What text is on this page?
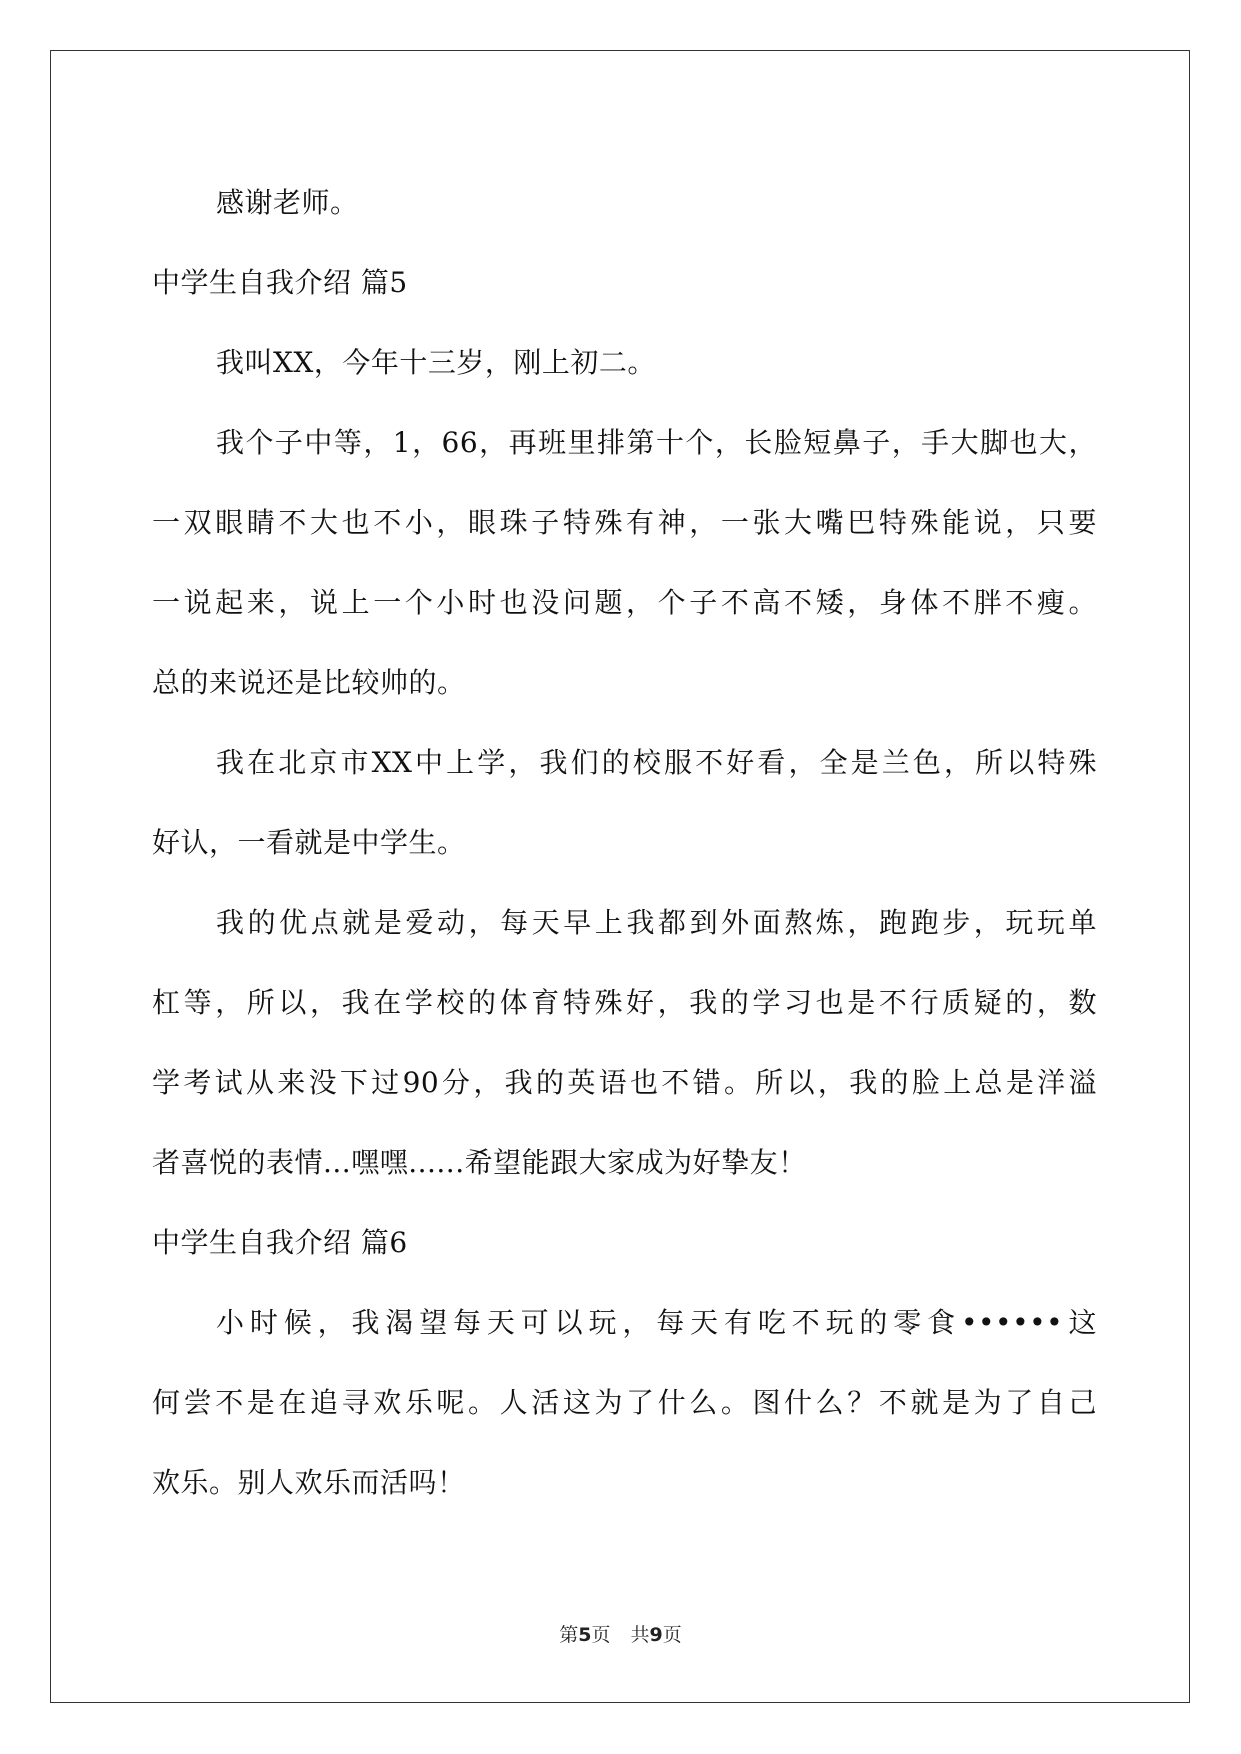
感谢老师。
中学生自我介绍 篇5
我叫XX，今年十三岁，刚上初二。
我个子中等，1，66，再班里排第十个，长脸短鼻子，手大脚也大，
一双眼睛不大也不小，眼珠子特殊有神，一张大嘴巴特殊能说，只要
一说起来，说上一个小时也没问题，个子不高不矮，身体不胖不瘦。
总的来说还是比较帅的。
我在北京市XX中上学，我们的校服不好看，全是兰色，所以特殊
好认，一看就是中学生。
我的优点就是爱动，每天早上我都到外面熬炼，跑跑步，玩玩单
杠等，所以，我在学校的体育特殊好，我的学习也是不行质疑的，数
学考试从来没下过90分，我的英语也不错。所以，我的脸上总是洋溢
者喜悦的表情...嘿嘿......希望能跟大家成为好挚友！
中学生自我介绍 篇6
小时候，我渴望每天可以玩，每天有吃不玩的零食••••••这
何尝不是在追寻欢乐呢。人活这为了什么。图什么？不就是为了自己
欢乐。别人欢乐而活吗！
第5页 共9页
